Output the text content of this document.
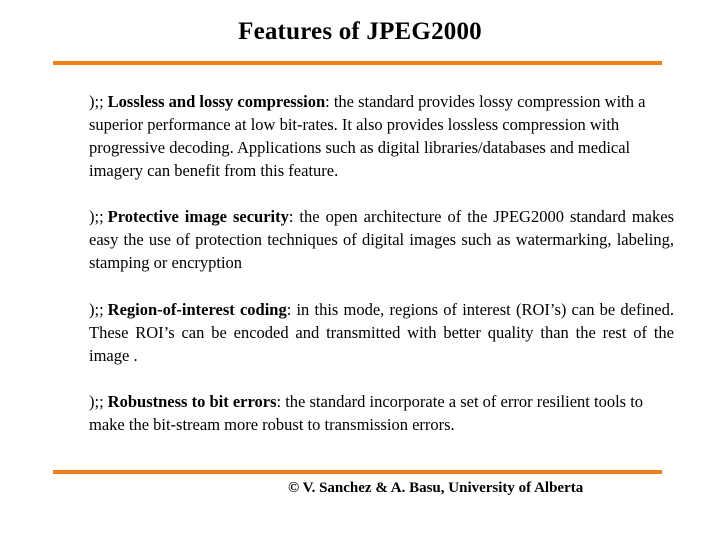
Features of JPEG2000
);; Lossless and lossy compression: the standard provides lossy compression with a superior performance at low bit-rates. It also provides lossless compression with progressive decoding. Applications such as digital libraries/databases and medical imagery can benefit from this feature.
);; Protective image security: the open architecture of the JPEG2000 standard makes easy the use of protection techniques of digital images such as watermarking, labeling, stamping or encryption
);; Region-of-interest coding: in this mode, regions of interest (ROI’s) can be defined. These ROI’s can be encoded and transmitted with better quality than the rest of the image .
);; Robustness to bit errors: the standard incorporate a set of error resilient tools to make the bit-stream more robust to transmission errors.
© V. Sanchez & A. Basu, University of Alberta
